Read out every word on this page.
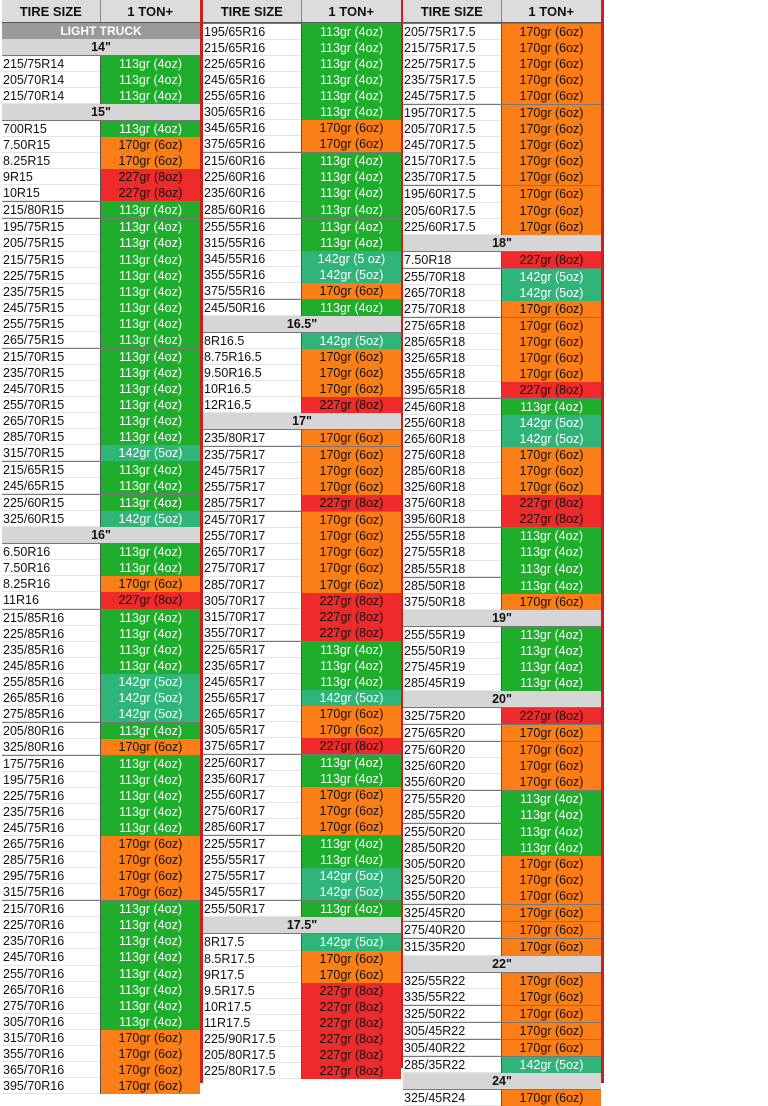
TIRE SIZE	1 TON+
LIGHT TRUCK
14"
215/75R14	113gr (4oz)
205/70R14	113gr (4oz)
215/70R14	113gr (4oz)
15"
700R15	113gr (4oz)
7.50R15	170gr (6oz)
8.25R15	170gr (6oz)
9R15	227gr (8oz)
10R15	227gr (8oz)
215/80R15	113gr (4oz)
195/75R15	113gr (4oz)
205/75R15	113gr (4oz)
215/75R15	113gr (4oz)
225/75R15	113gr (4oz)
235/75R15	113gr (4oz)
245/75R15	113gr (4oz)
255/75R15	113gr (4oz)
265/75R15	113gr (4oz)
215/70R15	113gr (4oz)
235/70R15	113gr (4oz)
245/70R15	113gr (4oz)
255/70R15	113gr (4oz)
265/70R15	113gr (4oz)
285/70R15	113gr (4oz)
315/70R15	142gr (5oz)
215/65R15	113gr (4oz)
245/65R15	113gr (4oz)
225/60R15	113gr (4oz)
325/60R15	142gr (5oz)
16"
6.50R16	113gr (4oz)
7.50R16	113gr (4oz)
8.25R16	170gr (6oz)
11R16	227gr (8oz)
215/85R16	113gr (4oz)
225/85R16	113gr (4oz)
235/85R16	113gr (4oz)
245/85R16	113gr (4oz)
255/85R16	142gr (5oz)
265/85R16	142gr (5oz)
275/85R16	142gr (5oz)
205/80R16	113gr (4oz)
325/80R16	170gr (6oz)
175/75R16	113gr (4oz)
195/75R16	113gr (4oz)
225/75R16	113gr (4oz)
235/75R16	113gr (4oz)
245/75R16	113gr (4oz)
265/75R16	170gr (6oz)
285/75R16	170gr (6oz)
295/75R16	170gr (6oz)
315/75R16	170gr (6oz)
215/70R16	113gr (4oz)
225/70R16	113gr (4oz)
235/70R16	113gr (4oz)
245/70R16	113gr (4oz)
255/70R16	113gr (4oz)
265/70R16	113gr (4oz)
275/70R16	113gr (4oz)
305/70R16	113gr (4oz)
315/70R16	170gr (6oz)
355/70R16	170gr (6oz)
365/70R16	170gr (6oz)
395/70R16	170gr (6oz)
TIRE SIZE	1 TON+
195/65R16	113gr (4oz)
215/65R16	113gr (4oz)
225/65R16	113gr (4oz)
245/65R16	113gr (4oz)
255/65R16	113gr (4oz)
305/65R16	113gr (4oz)
345/65R16	170gr (6oz)
375/65R16	170gr (6oz)
215/60R16	113gr (4oz)
225/60R16	113gr (4oz)
235/60R16	113gr (4oz)
285/60R16	113gr (4oz)
255/55R16	113gr (4oz)
315/55R16	113gr (4oz)
345/55R16	142gr (5 oz)
355/55R16	142gr (5oz)
375/55R16	170gr (6oz)
245/50R16	113gr (4oz)
16.5"
8R16.5	142gr (5oz)
8.75R16.5	170gr (6oz)
9.50R16.5	170gr (6oz)
10R16.5	170gr (6oz)
12R16.5	227gr (8oz)
17"
235/80R17	170gr (6oz)
235/75R17	170gr (6oz)
245/75R17	170gr (6oz)
255/75R17	170gr (6oz)
285/75R17	227gr (8oz)
245/70R17	170gr (6oz)
255/70R17	170gr (6oz)
265/70R17	170gr (6oz)
275/70R17	170gr (6oz)
285/70R17	170gr (6oz)
305/70R17	227gr (8oz)
315/70R17	227gr (8oz)
355/70R17	227gr (8oz)
225/65R17	113gr (4oz)
235/65R17	113gr (4oz)
245/65R17	113gr (4oz)
255/65R17	142gr (5oz)
265/65R17	170gr (6oz)
305/65R17	170gr (6oz)
375/65R17	227gr (8oz)
225/60R17	113gr (4oz)
235/60R17	113gr (4oz)
255/60R17	170gr (6oz)
275/60R17	170gr (6oz)
285/60R17	170gr (6oz)
225/55R17	113gr (4oz)
255/55R17	113gr (4oz)
275/55R17	142gr (5oz)
345/55R17	142gr (5oz)
255/50R17	113gr (4oz)
17.5"
8R17.5	142gr (5oz)
8.5R17.5	170gr (6oz)
9R17.5	170gr (6oz)
9.5R17.5	227gr (8oz)
10R17.5	227gr (8oz)
11R17.5	227gr (8oz)
225/90R17.5	227gr (8oz)
205/80R17.5	227gr (8oz)
225/80R17.5	227gr (8oz)
TIRE SIZE	1 TON+
205/75R17.5	170gr (6oz)
215/75R17.5	170gr (6oz)
225/75R17.5	170gr (6oz)
235/75R17.5	170gr (6oz)
245/75R17.5	170gr (6oz)
195/70R17.5	170gr (6oz)
205/70R17.5	170gr (6oz)
245/70R17.5	170gr (6oz)
215/70R17.5	170gr (6oz)
235/70R17.5	170gr (6oz)
195/60R17.5	170gr (6oz)
205/60R17.5	170gr (6oz)
225/60R17.5	170gr (6oz)
18"
7.50R18	227gr (8oz)
255/70R18	142gr (5oz)
265/70R18	142gr (5oz)
275/70R18	170gr (6oz)
275/65R18	170gr (6oz)
285/65R18	170gr (6oz)
325/65R18	170gr (6oz)
355/65R18	170gr (6oz)
395/65R18	227gr (8oz)
245/60R18	113gr (4oz)
255/60R18	142gr (5oz)
265/60R18	142gr (5oz)
275/60R18	170gr (6oz)
285/60R18	170gr (6oz)
325/60R18	170gr (6oz)
375/60R18	227gr (8oz)
395/60R18	227gr (8oz)
255/55R18	113gr (4oz)
275/55R18	113gr (4oz)
285/55R18	113gr (4oz)
285/50R18	113gr (4oz)
375/50R18	170gr (6oz)
19"
255/55R19	113gr (4oz)
255/50R19	113gr (4oz)
275/45R19	113gr (4oz)
285/45R19	113gr (4oz)
20"
325/75R20	227gr (8oz)
275/65R20	170gr (6oz)
275/60R20	170gr (6oz)
325/60R20	170gr (6oz)
355/60R20	170gr (6oz)
275/55R20	113gr (4oz)
285/55R20	113gr (4oz)
255/50R20	113gr (4oz)
285/50R20	113gr (4oz)
305/50R20	170gr (6oz)
325/50R20	170gr (6oz)
355/50R20	170gr (6oz)
325/45R20	170gr (6oz)
275/40R20	170gr (6oz)
315/35R20	170gr (6oz)
22"
325/55R22	170gr (6oz)
335/55R22	170gr (6oz)
325/50R22	170gr (6oz)
305/45R22	170gr (6oz)
305/40R22	170gr (6oz)
285/35R22	142gr (5oz)
24"
325/45R24	170gr (6oz)
